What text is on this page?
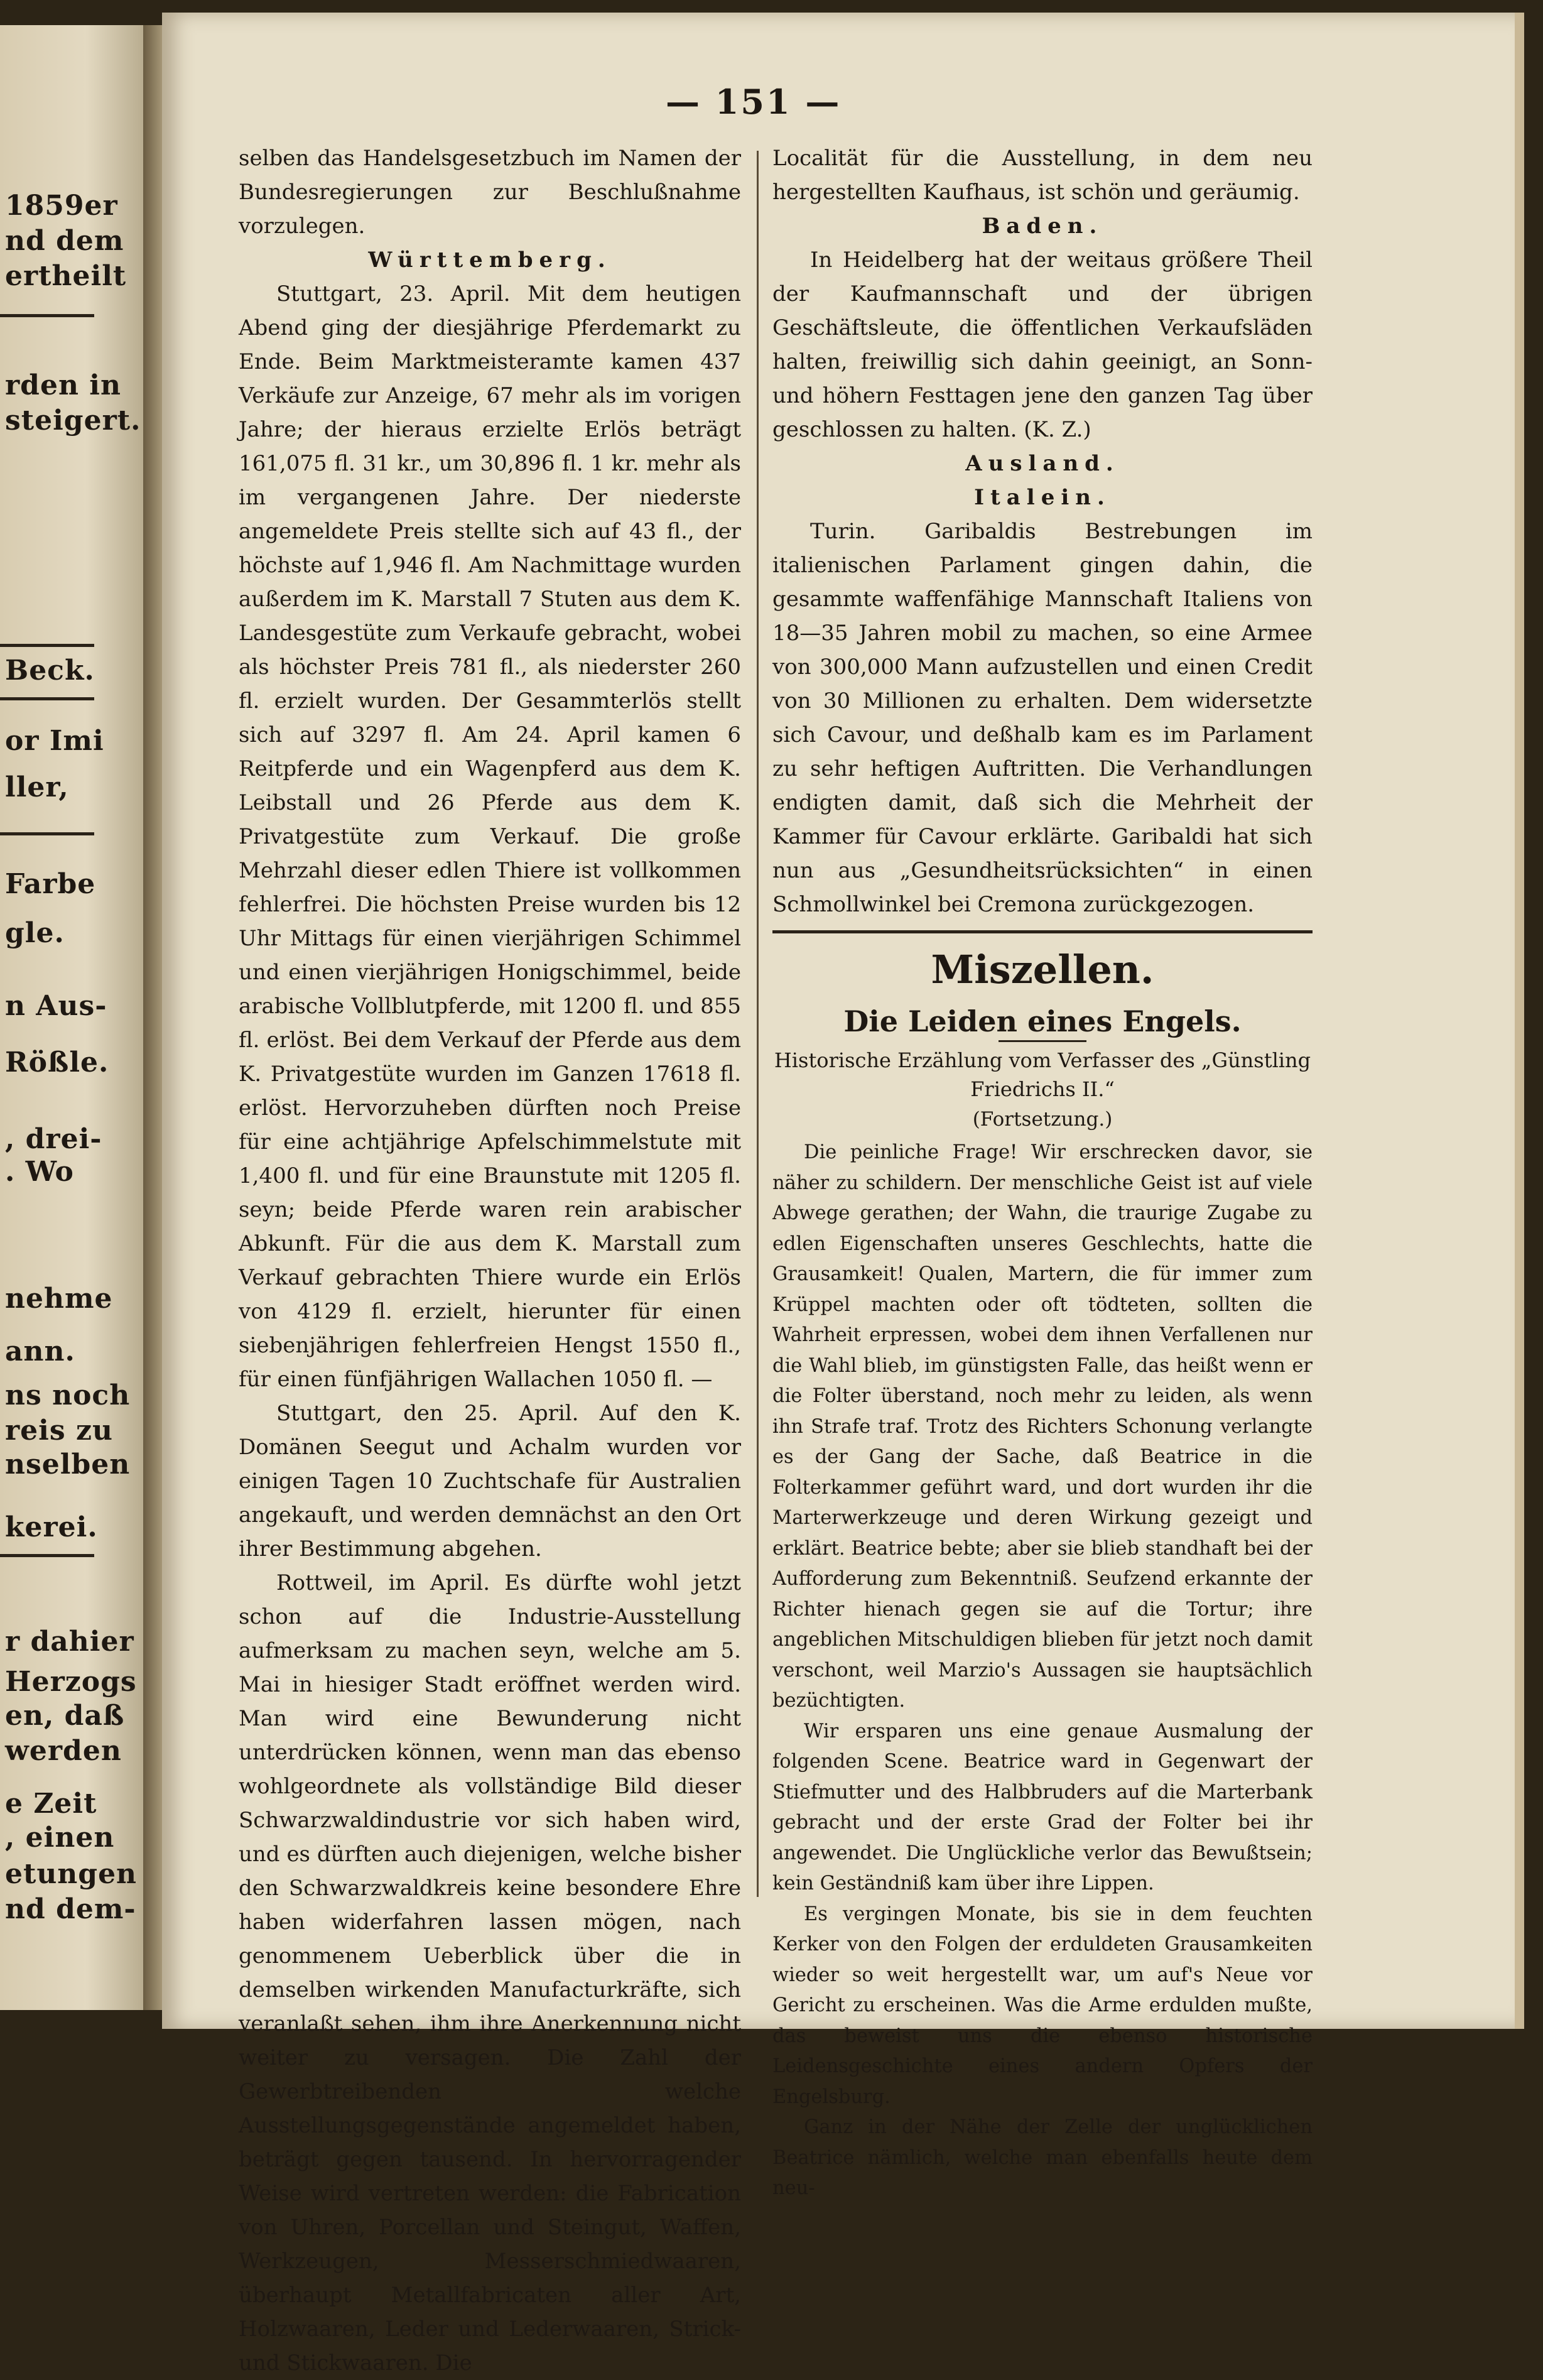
1859er
nd dem
ertheilt
rden in
steigert.
Beck.
or Imi
ller,
Farbe
gle.
n Aus-
Rößle.
, drei-
. Wo
nehme
ann.
ns noch
reis zu
nselben
kerei.
r dahier
Herzogs
en, daß
werden
e Zeit
, einen
etungen
nd dem-
— 151 —

selben das Handelsgesetzbuch im Namen der Bundesregierungen zur Beschlußnahme vorzulegen.

Württemberg.

Stuttgart, 23. April. Mit dem heutigen Abend ging der diesjährige Pferdemarkt zu Ende. Beim Marktmeisteramte kamen 437 Verkäufe zur Anzeige, 67 mehr als im vorigen Jahre; der hieraus erzielte Erlös beträgt 161,075 fl. 31 kr., um 30,896 fl. 1 kr. mehr als im vergangenen Jahre. Der niederste angemeldete Preis stellte sich auf 43 fl., der höchste auf 1,946 fl. Am Nachmittage wurden außerdem im K. Marstall 7 Stuten aus dem K. Landesgestüte zum Verkaufe gebracht, wobei als höchster Preis 781 fl., als niederster 260 fl. erzielt wurden. Der Gesammterlös stellt sich auf 3297 fl. Am 24. April kamen 6 Reitpferde und ein Wagenpferd aus dem K. Leibstall und 26 Pferde aus dem K. Privatgestüte zum Verkauf. Die große Mehrzahl dieser edlen Thiere ist vollkommen fehlerfrei. Die höchsten Preise wurden bis 12 Uhr Mittags für einen vierjährigen Schimmel und einen vierjährigen Honigschimmel, beide arabische Vollblutpferde, mit 1200 fl. und 855 fl. erlöst. Bei dem Verkauf der Pferde aus dem K. Privatgestüte wurden im Ganzen 17618 fl. erlöst. Hervorzuheben dürften noch Preise für eine achtjährige Apfelschimmelstute mit 1,400 fl. und für eine Braunstute mit 1205 fl. seyn; beide Pferde waren rein arabischer Abkunft. Für die aus dem K. Marstall zum Verkauf gebrachten Thiere wurde ein Erlös von 4129 fl. erzielt, hierunter für einen siebenjährigen fehlerfreien Hengst 1550 fl., für einen fünfjährigen Wallachen 1050 fl. —

Stuttgart, den 25. April. Auf den K. Domänen Seegut und Achalm wurden vor einigen Tagen 10 Zuchtschafe für Australien angekauft, und werden demnächst an den Ort ihrer Bestimmung abgehen.

Rottweil, im April. Es dürfte wohl jetzt schon auf die Industrie-Ausstellung aufmerksam zu machen seyn, welche am 5. Mai in hiesiger Stadt eröffnet werden wird. Man wird eine Bewunderung nicht unterdrücken können, wenn man das ebenso wohlgeordnete als vollständige Bild dieser Schwarzwaldindustrie vor sich haben wird, und es dürften auch diejenigen, welche bisher den Schwarzwaldkreis keine besondere Ehre haben widerfahren lassen mögen, nach genommenem Ueberblick über die in demselben wirkenden Manufacturkräfte, sich veranlaßt sehen, ihm ihre Anerkennung nicht weiter zu versagen. Die Zahl der Gewerbtreibenden welche Ausstellungsgegenstände angemeldet haben, beträgt gegen tausend. In hervorragender Weise wird vertreten werden: die Fabrication von Uhren, Porcellan und Steingut, Waffen, Werkzeugen, Messerschmiedwaaren, überhaupt Metallfabricaten aller Art, Holzwaaren, Leder und Lederwaaren, Strick- und Stickwaaren. Die

Localität für die Ausstellung, in dem neu hergestellten Kaufhaus, ist schön und geräumig.

Baden.

In Heidelberg hat der weitaus größere Theil der Kaufmannschaft und der übrigen Geschäftsleute, die öffentlichen Verkaufsläden halten, freiwillig sich dahin geeinigt, an Sonn- und höhern Festtagen jene den ganzen Tag über geschlossen zu halten. (K. Z.)

Ausland.

Italein.

Turin. Garibaldis Bestrebungen im italienischen Parlament gingen dahin, die gesammte waffenfähige Mannschaft Italiens von 18—35 Jahren mobil zu machen, so eine Armee von 300,000 Mann aufzustellen und einen Credit von 30 Millionen zu erhalten. Dem widersetzte sich Cavour, und deßhalb kam es im Parlament zu sehr heftigen Auftritten. Die Verhandlungen endigten damit, daß sich die Mehrheit der Kammer für Cavour erklärte. Garibaldi hat sich nun aus „Gesundheitsrücksichten“ in einen Schmollwinkel bei Cremona zurückgezogen.

Miszellen.
Die Leiden eines Engels.
Historische Erzählung vom Verfasser des „Günstling Friedrichs II.“
(Fortsetzung.)

Die peinliche Frage! Wir erschrecken davor, sie näher zu schildern. Der menschliche Geist ist auf viele Abwege gerathen; der Wahn, die traurige Zugabe zu edlen Eigenschaften unseres Geschlechts, hatte die Grausamkeit! Qualen, Martern, die für immer zum Krüppel machten oder oft tödteten, sollten die Wahrheit erpressen, wobei dem ihnen Verfallenen nur die Wahl blieb, im günstigsten Falle, das heißt wenn er die Folter überstand, noch mehr zu leiden, als wenn ihn Strafe traf. Trotz des Richters Schonung verlangte es der Gang der Sache, daß Beatrice in die Folterkammer geführt ward, und dort wurden ihr die Marterwerkzeuge und deren Wirkung gezeigt und erklärt. Beatrice bebte; aber sie blieb standhaft bei der Aufforderung zum Bekenntniß. Seufzend erkannte der Richter hienach gegen sie auf die Tortur; ihre angeblichen Mitschuldigen blieben für jetzt noch damit verschont, weil Marzio's Aussagen sie hauptsächlich bezüchtigten.

Wir ersparen uns eine genaue Ausmalung der folgenden Scene. Beatrice ward in Gegenwart der Stiefmutter und des Halbbruders auf die Marterbank gebracht und der erste Grad der Folter bei ihr angewendet. Die Unglückliche verlor das Bewußtsein; kein Geständniß kam über ihre Lippen.

Es vergingen Monate, bis sie in dem feuchten Kerker von den Folgen der erduldeten Grausamkeiten wieder so weit hergestellt war, um auf's Neue vor Gericht zu erscheinen. Was die Arme erdulden mußte, das beweist uns die ebenso historische Leidensgeschichte eines andern Opfers der Engelsburg.

Ganz in der Nähe der Zelle der unglücklichen Beatrice nämlich, welche man ebenfalls heute dem neu-
